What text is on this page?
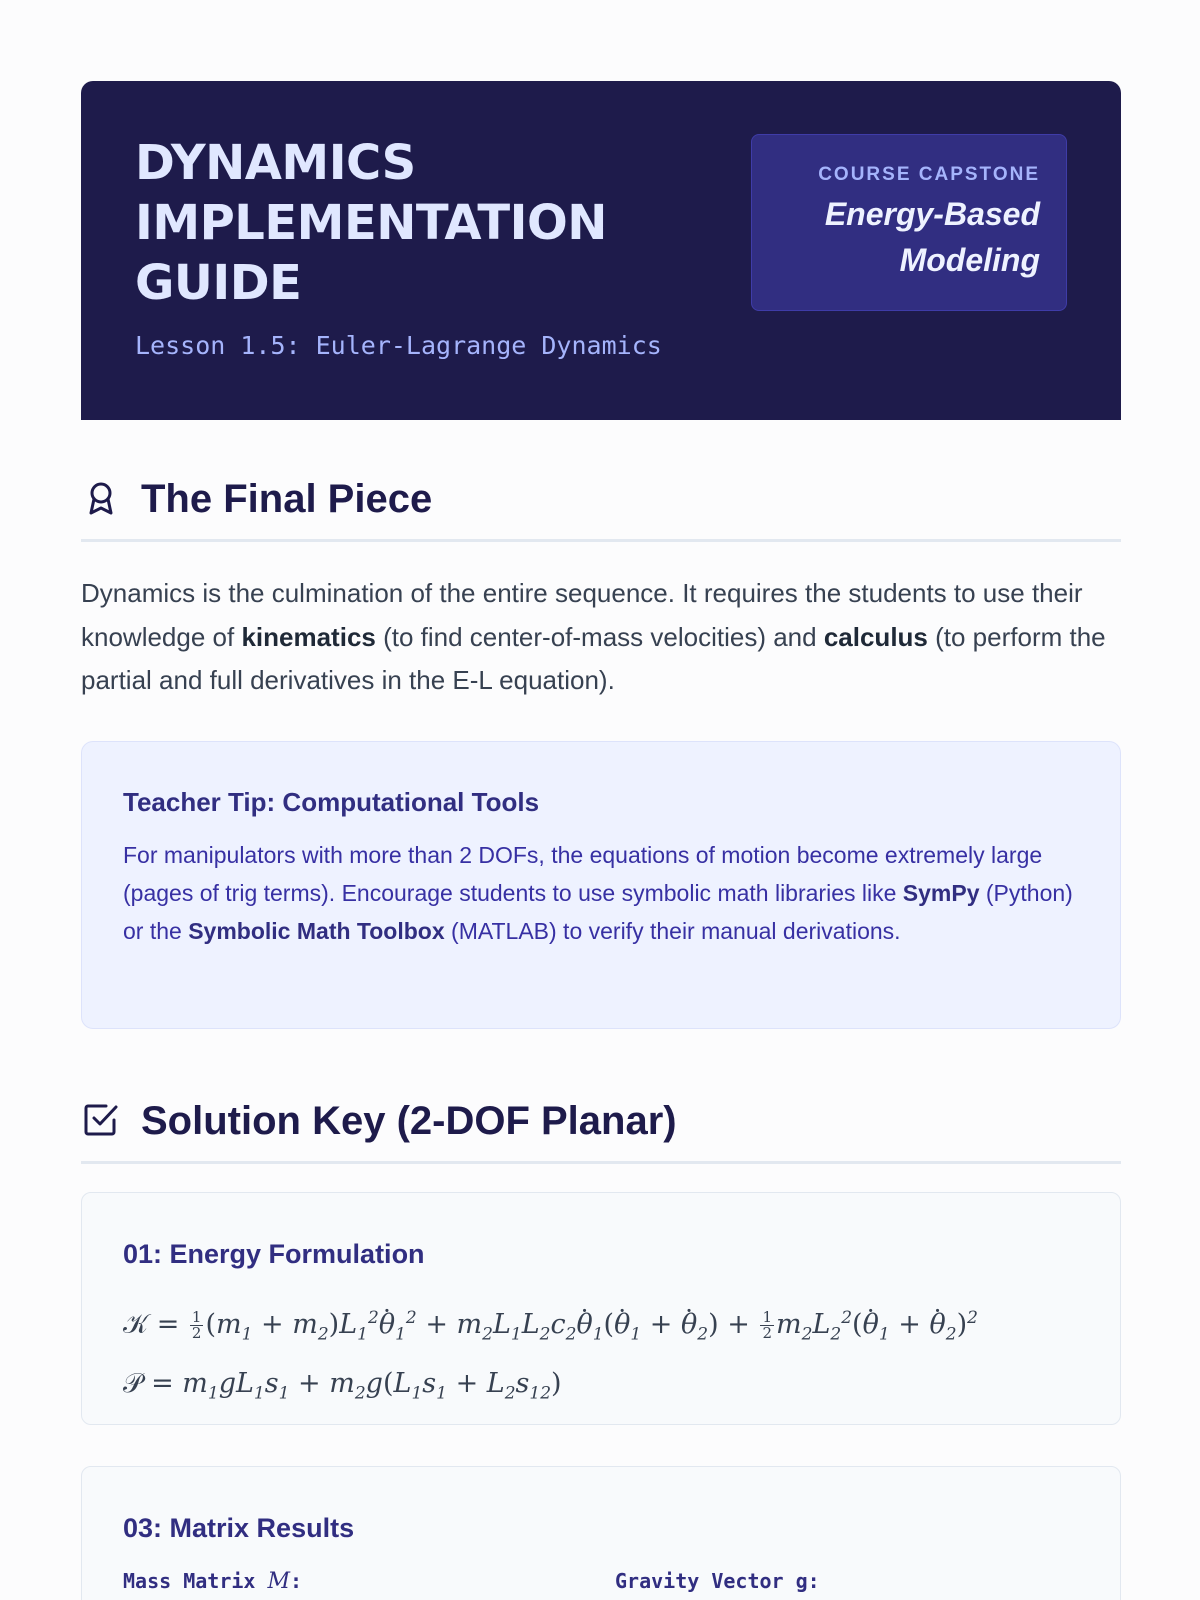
DYNAMICS
IMPLEMENTATION
GUIDE
Lesson 1.5: Euler-Lagrange Dynamics
COURSE CAPSTONE
Energy-Based
Modeling
The Final Piece

Dynamics is the culmination of the entire sequence. It requires the students to use their knowledge of kinematics (to find center-of-mass velocities) and calculus (to perform the partial and full derivatives in the E-L equation).

Teacher Tip: Computational Tools

For manipulators with more than 2 DOFs, the equations of motion become extremely large (pages of trig terms). Encourage students to use symbolic math libraries like SymPy (Python) or the Symbolic Math Toolbox (MATLAB) to verify their manual derivations.

Solution Key (2-DOF Planar)
01: Energy Formulation
𝒦 = $\frac{1}{2} (m_1 + m_2)L_1^2\theta \cdot_1^2 + m_2L_1L_2c_2\theta \cdot_1(\theta \cdot_1 + \theta \cdot_2) + \frac{1}{2} m_2L_2^2(\theta \cdot_1 + \theta \cdot_2)^2$
𝒫 = $m_1gL_1s_1 + m_2g(L_1s_1 + L_2s_{12})$
03: Matrix Results
Mass Matrix M:	Gravity Vector g:
